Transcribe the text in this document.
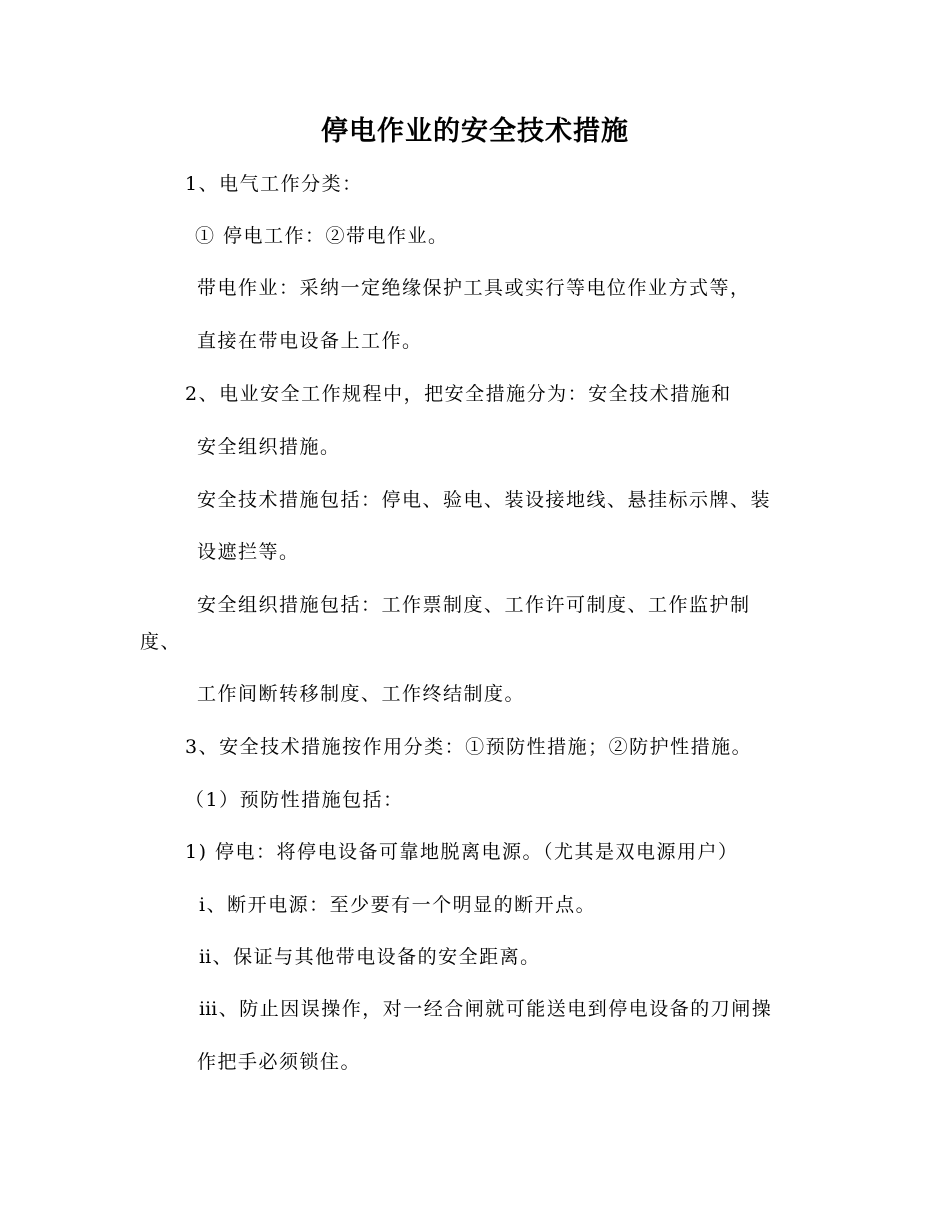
停电作业的安全技术措施
1、电气工作分类：
① 停电工作：②带电作业。
带电作业：采纳一定绝缘保护工具或实行等电位作业方式等，
直接在带电设备上工作。
2、电业安全工作规程中，把安全措施分为：安全技术措施和
安全组织措施。
安全技术措施包括：停电、验电、装设接地线、悬挂标示牌、装
设遮拦等。
安全组织措施包括：工作票制度、工作许可制度、工作监护制
度、
工作间断转移制度、工作终结制度。
3、安全技术措施按作用分类：①预防性措施；②防护性措施。
（1）预防性措施包括：
1) 停电：将停电设备可靠地脱离电源。（尤其是双电源用户）
ⅰ、断开电源：至少要有一个明显的断开点。
ⅱ、保证与其他带电设备的安全距离。
ⅲ、防止因误操作，对一经合闸就可能送电到停电设备的刀闸操
作把手必须锁住。
